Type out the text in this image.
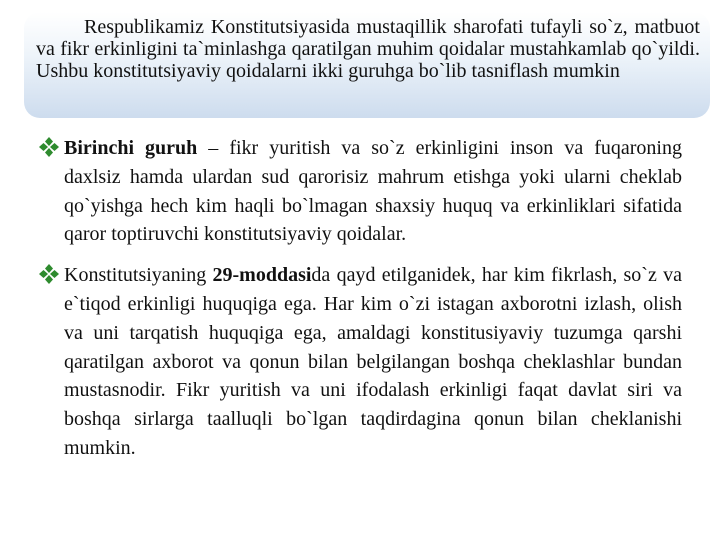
Respublikamiz Konstitutsiyasida mustaqillik sharofati tufayli so`z, matbuot va fikr erkinligini ta`minlashga qaratilgan muhim qoidalar mustahkamlab qo`yildi. Ushbu konstitutsiyaviy qoidalarni ikki guruhga bo`lib tasniflash mumkin

Birinchi guruh – fikr yuritish va so`z erkinligini inson va fuqaroning daxlsiz hamda ulardan sud qarorisiz mahrum etishga yoki ularni cheklab qo`yishga hech kim haqli bo`lmagan shaxsiy huquq va erkinliklari sifatida qaror toptiruvchi konstitutsiyaviy qoidalar.
Konstitutsiyaning 29-moddasida qayd etilganidek, har kim fikrlash, so`z va e`tiqod erkinligi huquqiga ega. Har kim o`zi istagan axborotni izlash, olish va uni tarqatish huquqiga ega, amaldagi konstitusiyaviy tuzumga qarshi qaratilgan axborot va qonun bilan belgilangan boshqa cheklashlar bundan mustasnodir. Fikr yuritish va uni ifodalash erkinligi faqat davlat siri va boshqa sirlarga taalluqli bo`lgan taqdirdagina qonun bilan cheklanishi mumkin.
